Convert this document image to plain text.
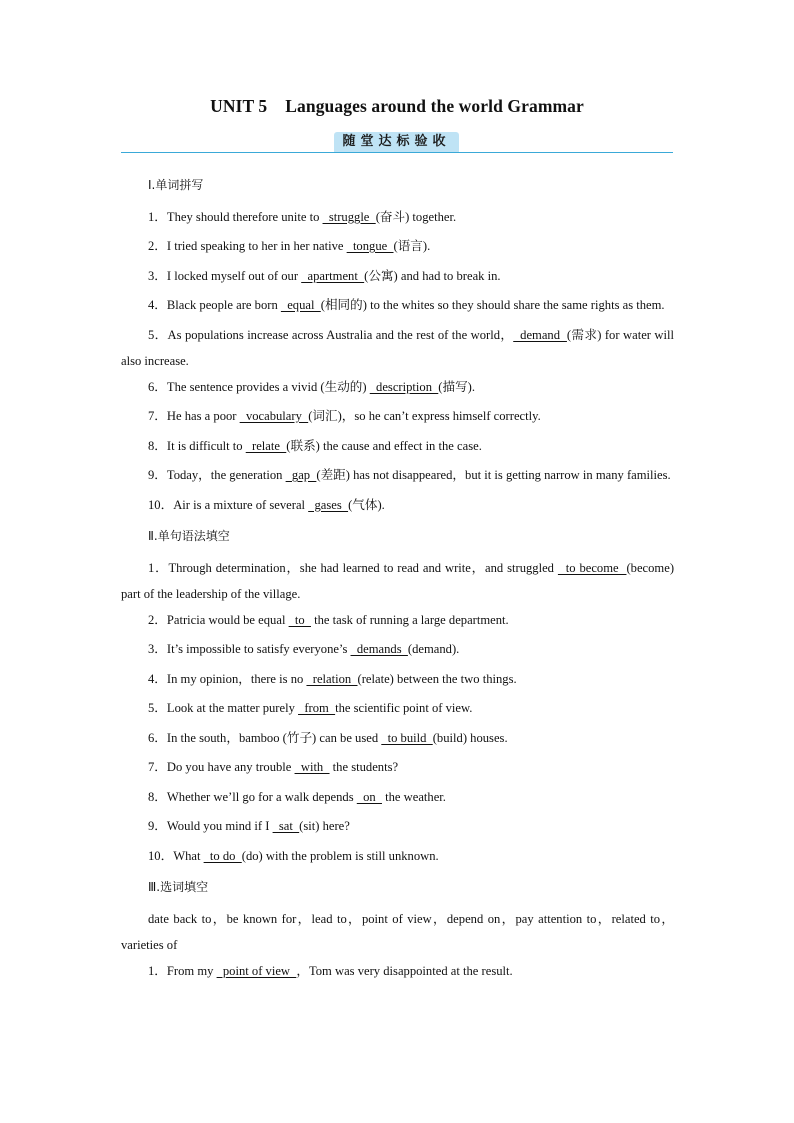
UNIT 5 Languages around the world Grammar
随堂达标验收
Ⅰ.单词拼写
1．They should therefore unite to   struggle  (奋斗) together.
2．I tried speaking to her in her native   tongue  (语言).
3．I locked myself out of our   apartment  (公寓) and had to break in.
4．Black people are born   equal  (相同的) to the whites so they should share the same rights as them.
5．As populations increase across Australia and the rest of the world，  demand  (需求) for water will also increase.
6．The sentence provides a vivid (生动的)   description  (描写).
7．He has a poor   vocabulary  (词汇)，so he can’t express himself correctly.
8．It is difficult to   relate  (联系) the cause and effect in the case.
9．Today，the generation   gap  (差距) has not disappeared，but it is getting narrow in many families.
10．Air is a mixture of several   gases  (气体).
Ⅱ.单句语法填空
1．Through determination，she had learned to read and write，and struggled   to become  (become) part of the leadership of the village.
2．Patricia would be equal   to   the task of running a large department.
3．It’s impossible to satisfy everyone’s   demands  (demand).
4．In my opinion，there is no   relation  (relate) between the two things.
5．Look at the matter purely   from  the scientific point of view.
6．In the south，bamboo (竹子) can be used   to build  (build) houses.
7．Do you have any trouble   with   the students?
8．Whether we’ll go for a walk depends   on   the weather.
9．Would you mind if I   sat  (sit) here?
10．What   to do  (do) with the problem is still unknown.
Ⅲ.选词填空
date back to，be known for，lead to，point of view，depend on，pay attention to，related to，varieties of
1．From my   point of view  ，Tom was very disappointed at the result.
